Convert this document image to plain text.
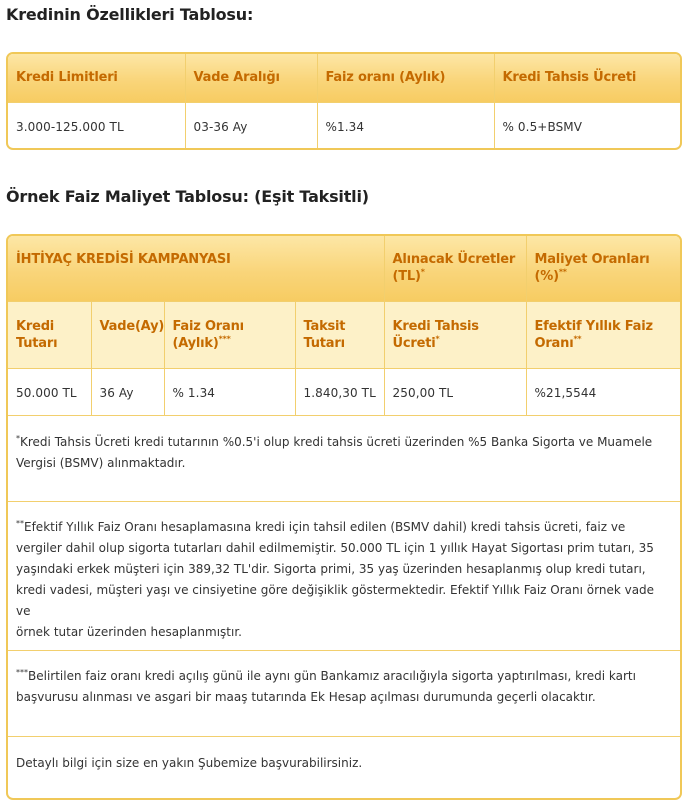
Kredinin Özellikleri Tablosu:
Kredi Limitleri	Vade Aralığı	Faiz oranı (Aylık)	Kredi Tahsis Ücreti
3.000-125.000 TL	03-36 Ay	%1.34	% 0.5+BSMV
Örnek Faiz Maliyet Tablosu: (Eşit Taksitli)
İHTİYAÇ KREDİSİ KAMPANYASI				Alınacak Ücretler (TL)*	Maliyet Oranları (%)**
Kredi Tutarı	Vade(Ay)	Faiz Oranı (Aylık)***	Taksit Tutarı	Kredi Tahsis Ücreti*	Efektif Yıllık Faiz Oranı**
50.000 TL	36 Ay	% 1.34	1.840,30 TL	250,00 TL	%21,5544

*Kredi Tahsis Ücreti kredi tutarının %0.5'i olup kredi tahsis ücreti üzerinden %5 Banka Sigorta ve Muamele
Vergisi (BSMV) alınmaktadır.					

**Efektif Yıllık Faiz Oranı hesaplamasına kredi için tahsil edilen (BSMV dahil) kredi tahsis ücreti, faiz ve
vergiler dahil olup sigorta tutarları dahil edilmemiştir. 50.000 TL için 1 yıllık Hayat Sigortası prim tutarı, 35
yaşındaki erkek müşteri için 389,32 TL'dir. Sigorta primi, 35 yaş üzerinden hesaplanmış olup kredi tutarı,
kredi vadesi, müşteri yaşı ve cinsiyetine göre değişiklik göstermektedir. Efektif Yıllık Faiz Oranı örnek vade ve
örnek tutar üzerinden hesaplanmıştır.					

***Belirtilen faiz oranı kredi açılış günü ile aynı gün Bankamız aracılığıyla sigorta yaptırılması, kredi kartı
başvurusu alınması ve asgari bir maaş tutarında Ek Hesap açılması durumunda geçerli olacaktır.					

Detaylı bilgi için size en yakın Şubemize başvurabilirsiniz.					
